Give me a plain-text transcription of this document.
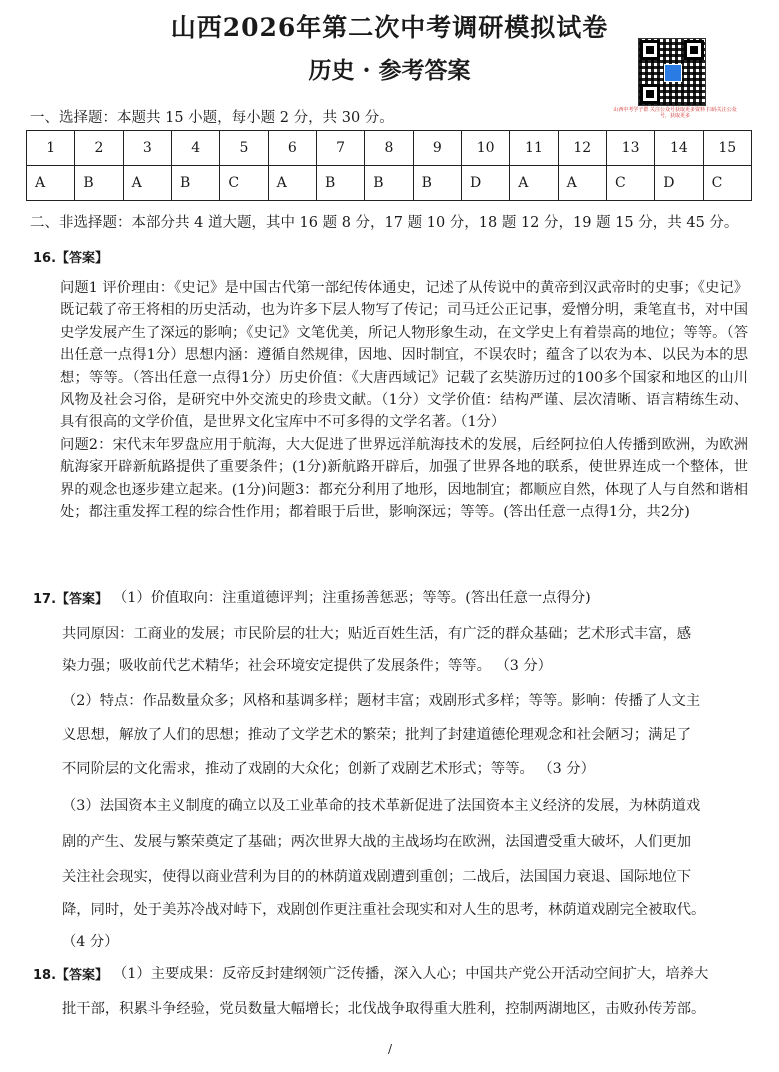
山西2026年第二次中考调研模拟试卷
历史 · 参考答案
山西中考学子群 关注公众号获取更多资料 扫码关注公众号，获取更多
一、选择题：本题共 15 小题，每小题 2 分，共 30 分。
1	2	3	4	5	6	7	8	9	10	11	12	13	14	15
A	B	A	B	C	A	B	B	B	D	A	A	C	D	C
二、非选择题：本部分共 4 道大题，其中 16 题 8 分，17 题 10 分，18 题 12 分，19 题 15 分，共 45 分。
16.【答案】

问题1 评价理由：《史记》是中国古代第一部纪传体通史，记述了从传说中的黄帝到汉武帝时的史事；《史记》既记载了帝王将相的历史活动，也为许多下层人物写了传记；司马迁公正记事，爱憎分明，秉笔直书，对中国史学发展产生了深远的影响；《史记》文笔优美，所记人物形象生动，在文学史上有着崇高的地位；等等。（答出任意一点得1分）思想内涵：遵循自然规律，因地、因时制宜，不误农时；蕴含了以农为本、以民为本的思想；等等。（答出任意一点得1分）历史价值：《大唐西域记》记载了玄奘游历过的100多个国家和地区的山川风物及社会习俗，是研究中外交流史的珍贵文献。（1分）文学价值：结构严谨、层次清晰、语言精练生动、具有很高的文学价值，是世界文化宝库中不可多得的文学名著。（1分）

问题2：宋代末年罗盘应用于航海，大大促进了世界远洋航海技术的发展，后经阿拉伯人传播到欧洲，为欧洲航海家开辟新航路提供了重要条件；(1分)新航路开辟后，加强了世界各地的联系，使世界连成一个整体，世界的观念也逐步建立起来。(1分)问题3：都充分利用了地形，因地制宜；都顺应自然，体现了人与自然和谐相处；都注重发挥工程的综合性作用；都着眼于后世，影响深远；等等。(答出任意一点得1分，共2分)

17.【答案】 （1）价值取向：注重道德评判；注重扬善惩恶；等等。(答出任意一点得分)
共同原因：工商业的发展；市民阶层的壮大；贴近百姓生活，有广泛的群众基础；艺术形式丰富，感
染力强；吸收前代艺术精华；社会环境安定提供了发展条件；等等。 （3 分）
（2）特点：作品数量众多；风格和基调多样；题材丰富；戏剧形式多样；等等。影响：传播了人文主
义思想，解放了人们的思想；推动了文学艺术的繁荣；批判了封建道德伦理观念和社会陋习；满足了
不同阶层的文化需求，推动了戏剧的大众化；创新了戏剧艺术形式；等等。 （3 分）
（3）法国资本主义制度的确立以及工业革命的技术革新促进了法国资本主义经济的发展，为林荫道戏
剧的产生、发展与繁荣奠定了基础；两次世界大战的主战场均在欧洲，法国遭受重大破坏，人们更加
关注社会现实，使得以商业营利为目的的林荫道戏剧遭到重创；二战后，法国国力衰退、国际地位下
降，同时，处于美苏冷战对峙下，戏剧创作更注重社会现实和对人生的思考，林荫道戏剧完全被取代。
（4 分）
18.【答案】 （1）主要成果：反帝反封建纲领广泛传播，深入人心；中国共产党公开活动空间扩大，培养大
批干部，积累斗争经验，党员数量大幅增长；北伐战争取得重大胜利，控制两湖地区，击败孙传芳部。
/
